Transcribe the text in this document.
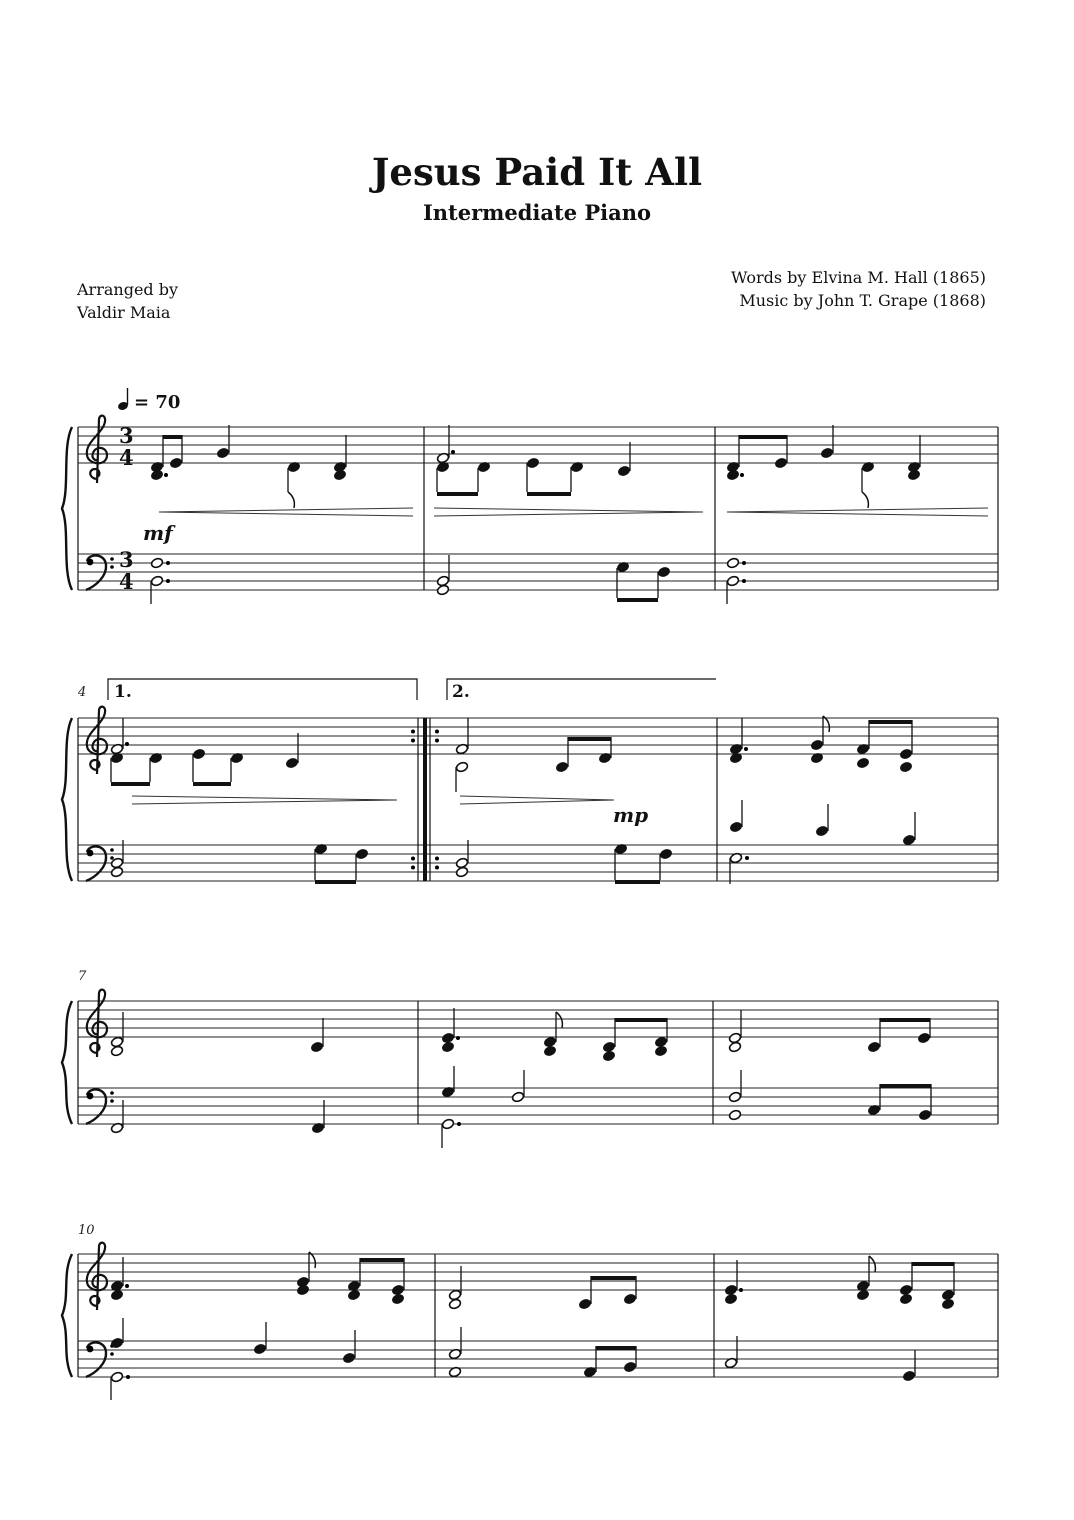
Jesus Paid It All
Intermediate Piano
Arranged by
Valdir Maia
Words by Elvina M. Hall (1865)
Music by John T. Grape (1868)
= 70
3
4
3
4
mf
mp
1.	2.
4
7
10
